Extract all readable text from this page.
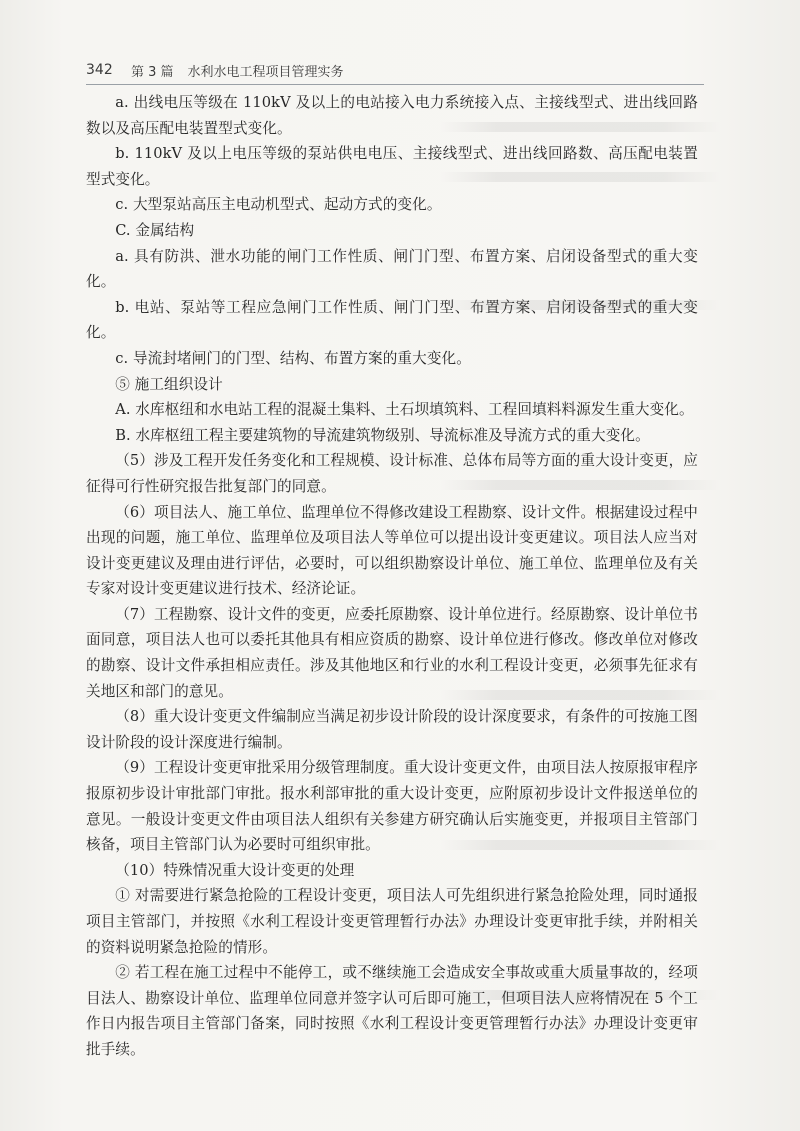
342	第 3 篇 水利水电工程项目管理实务

a. 出线电压等级在 110kV 及以上的电站接入电力系统接入点、主接线型式、进出线回路数以及高压配电装置型式变化。

b. 110kV 及以上电压等级的泵站供电电压、主接线型式、进出线回路数、高压配电装置型式变化。

c. 大型泵站高压主电动机型式、起动方式的变化。

C. 金属结构

a. 具有防洪、泄水功能的闸门工作性质、闸门门型、布置方案、启闭设备型式的重大变化。

b. 电站、泵站等工程应急闸门工作性质、闸门门型、布置方案、启闭设备型式的重大变化。

c. 导流封堵闸门的门型、结构、布置方案的重大变化。

⑤ 施工组织设计

A. 水库枢纽和水电站工程的混凝土集料、土石坝填筑料、工程回填料料源发生重大变化。

B. 水库枢纽工程主要建筑物的导流建筑物级别、导流标准及导流方式的重大变化。

（5）涉及工程开发任务变化和工程规模、设计标准、总体布局等方面的重大设计变更，应征得可行性研究报告批复部门的同意。

（6）项目法人、施工单位、监理单位不得修改建设工程勘察、设计文件。根据建设过程中出现的问题，施工单位、监理单位及项目法人等单位可以提出设计变更建议。项目法人应当对设计变更建议及理由进行评估，必要时，可以组织勘察设计单位、施工单位、监理单位及有关专家对设计变更建议进行技术、经济论证。

（7）工程勘察、设计文件的变更，应委托原勘察、设计单位进行。经原勘察、设计单位书面同意，项目法人也可以委托其他具有相应资质的勘察、设计单位进行修改。修改单位对修改的勘察、设计文件承担相应责任。涉及其他地区和行业的水利工程设计变更，必须事先征求有关地区和部门的意见。

（8）重大设计变更文件编制应当满足初步设计阶段的设计深度要求，有条件的可按施工图设计阶段的设计深度进行编制。

（9）工程设计变更审批采用分级管理制度。重大设计变更文件，由项目法人按原报审程序报原初步设计审批部门审批。报水利部审批的重大设计变更，应附原初步设计文件报送单位的意见。一般设计变更文件由项目法人组织有关参建方研究确认后实施变更，并报项目主管部门核备，项目主管部门认为必要时可组织审批。

（10）特殊情况重大设计变更的处理

① 对需要进行紧急抢险的工程设计变更，项目法人可先组织进行紧急抢险处理，同时通报项目主管部门，并按照《水利工程设计变更管理暂行办法》办理设计变更审批手续，并附相关的资料说明紧急抢险的情形。

② 若工程在施工过程中不能停工，或不继续施工会造成安全事故或重大质量事故的，经项目法人、勘察设计单位、监理单位同意并签字认可后即可施工，但项目法人应将情况在 5 个工作日内报告项目主管部门备案，同时按照《水利工程设计变更管理暂行办法》办理设计变更审批手续。
